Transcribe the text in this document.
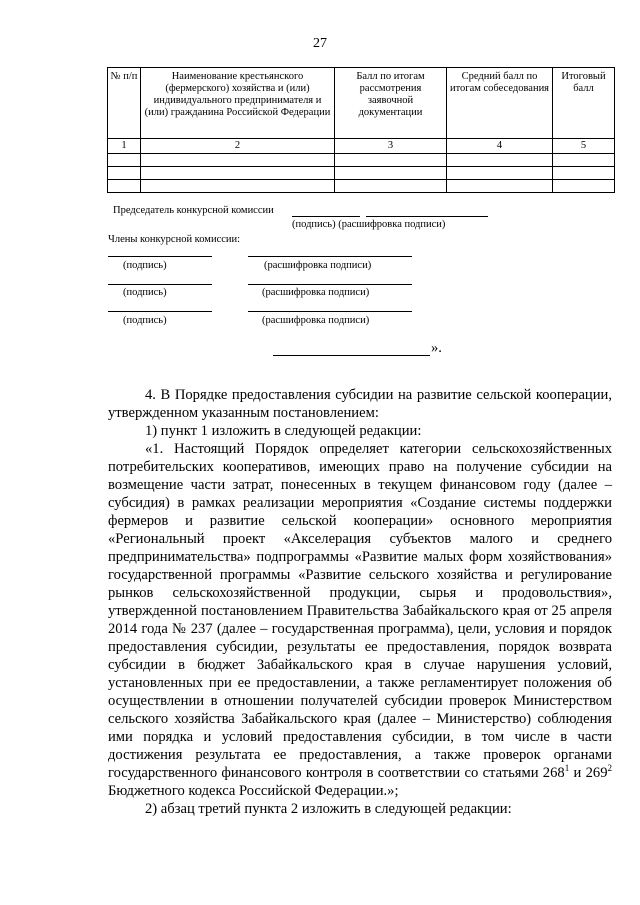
27
№ п/п	Наименование крестьянского (фермерского) хозяйства и (или) индивидуального предпринимателя и (или) гражданина Российской Федерации	Балл по итогам рассмотрения заявочной документации	Средний балл по итогам собеседования	Итоговый балл
1	2	3	4	5

Председатель конкурсной комиссии
(подпись) (расшифровка подписи)
Члены конкурсной комиссии:
(подпись)	(расшифровка подписи)
(подпись)	(расшифровка подписи)
(подпись)	(расшифровка подписи)
».
4. В Порядке предоставления субсидии на развитие сельской кооперации, утвержденном указанным постановлением:
1) пункт 1 изложить в следующей редакции:
«1. Настоящий Порядок определяет категории сельскохозяйственных потребительских кооперативов, имеющих право на получение субсидии на возмещение части затрат, понесенных в текущем финансовом году (далее – субсидия) в рамках реализации мероприятия «Создание системы поддержки фермеров и развитие сельской кооперации» основного мероприятия «Региональный проект «Акселерация субъектов малого и среднего предпринимательства» подпрограммы «Развитие малых форм хозяйствования» государственной программы «Развитие сельского хозяйства и регулирование рынков сельскохозяйственной продукции, сырья и продовольствия», утвержденной постановлением Правительства Забайкальского края от 25 апреля 2014 года № 237 (далее – государственная программа), цели, условия и порядок предоставления субсидии, результаты ее предоставления, порядок возврата субсидии в бюджет Забайкальского края в случае нарушения условий, установленных при ее предоставлении, а также регламентирует положения об осуществлении в отношении получателей субсидии проверок Министерством сельского хозяйства Забайкальского края (далее – Министерство) соблюдения ими порядка и условий предоставления субсидии, в том числе в части достижения результата ее предоставления, а также проверок органами государственного финансового контроля в соответствии со статьями $268^1$ и $269^2$ Бюджетного кодекса Российской Федерации.»;
2) абзац третий пункта 2 изложить в следующей редакции:
